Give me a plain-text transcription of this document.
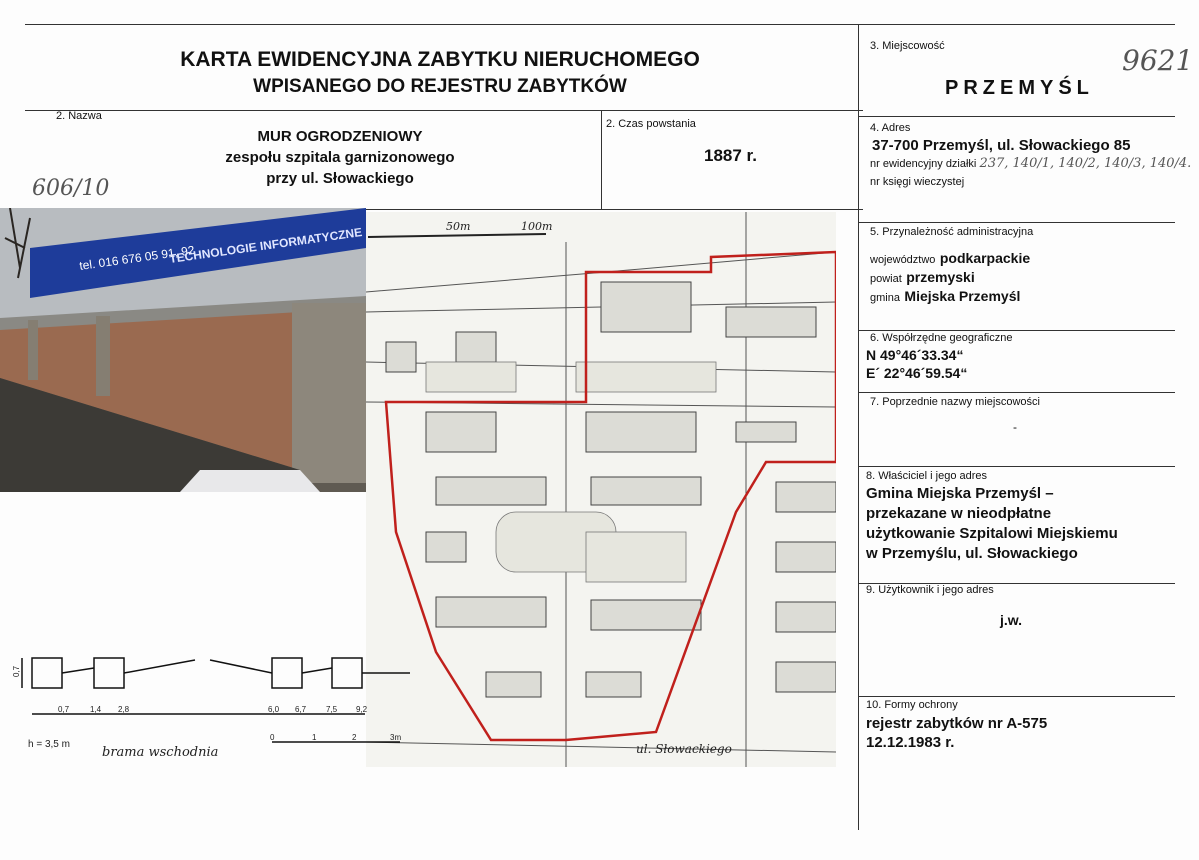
KARTA EWIDENCYJNA ZABYTKU NIERUCHOMEGO
WPISANEGO DO REJESTRU ZABYTKÓW
3. Miejscowość	9621
PRZEMYŚL
4. Adres
37-700 Przemyśl, ul. Słowackiego 85
nr ewidencyjny działki 237, 140/1, 140/2, 140/3, 140/4.
nr księgi wieczystej
5. Przynależność administracyjna
województwo podkarpackie
powiat przemyski
gmina Miejska Przemyśl
6. Współrzędne geograficzne
N 49°46´33.34“
E´ 22°46´59.54“
7. Poprzednie nazwy miejscowości
-
8. Właściciel i jego adres
Gmina Miejska Przemyśl –
przekazane w nieodpłatne
użytkowanie Szpitalowi Miejskiemu
w Przemyślu, ul. Słowackiego
9. Użytkownik i jego adres
j.w.
10. Formy ochrony
rejestr zabytków nr A-575
12.12.1983 r.
2. Nazwa
MUR OGRODZENIOWY
zespołu szpitala garnizonowego
przy ul. Słowackiego
2. Czas powstania
1887 r.
606/10
tel. 016 676 05 91, 92
TECHNOLOGIE INFORMATYCZNE	50m	100m
ul. Słowackiego
0,7
0,7	1,4 2,8	6,0 6,7 7,5 9,2
h = 3,5 m
brama wschodnia
0	1	2	3m
